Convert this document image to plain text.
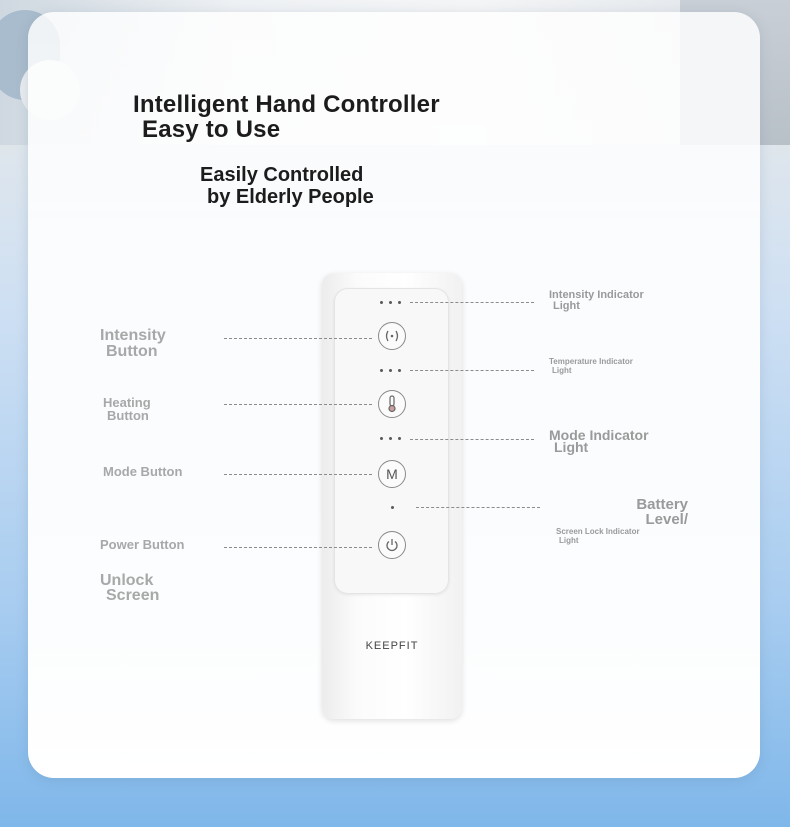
Intelligent Hand Controller
Easy to Use
Easily Controlled
by Elderly People
M

KEEPFIT

Intensity
Button

Heating
Button

Mode Button

Power Button

Unlock
Screen

Intensity Indicator
Light

Temperature Indicator
Light

Mode Indicator
Light

Battery
Level/

Screen Lock Indicator
Light
